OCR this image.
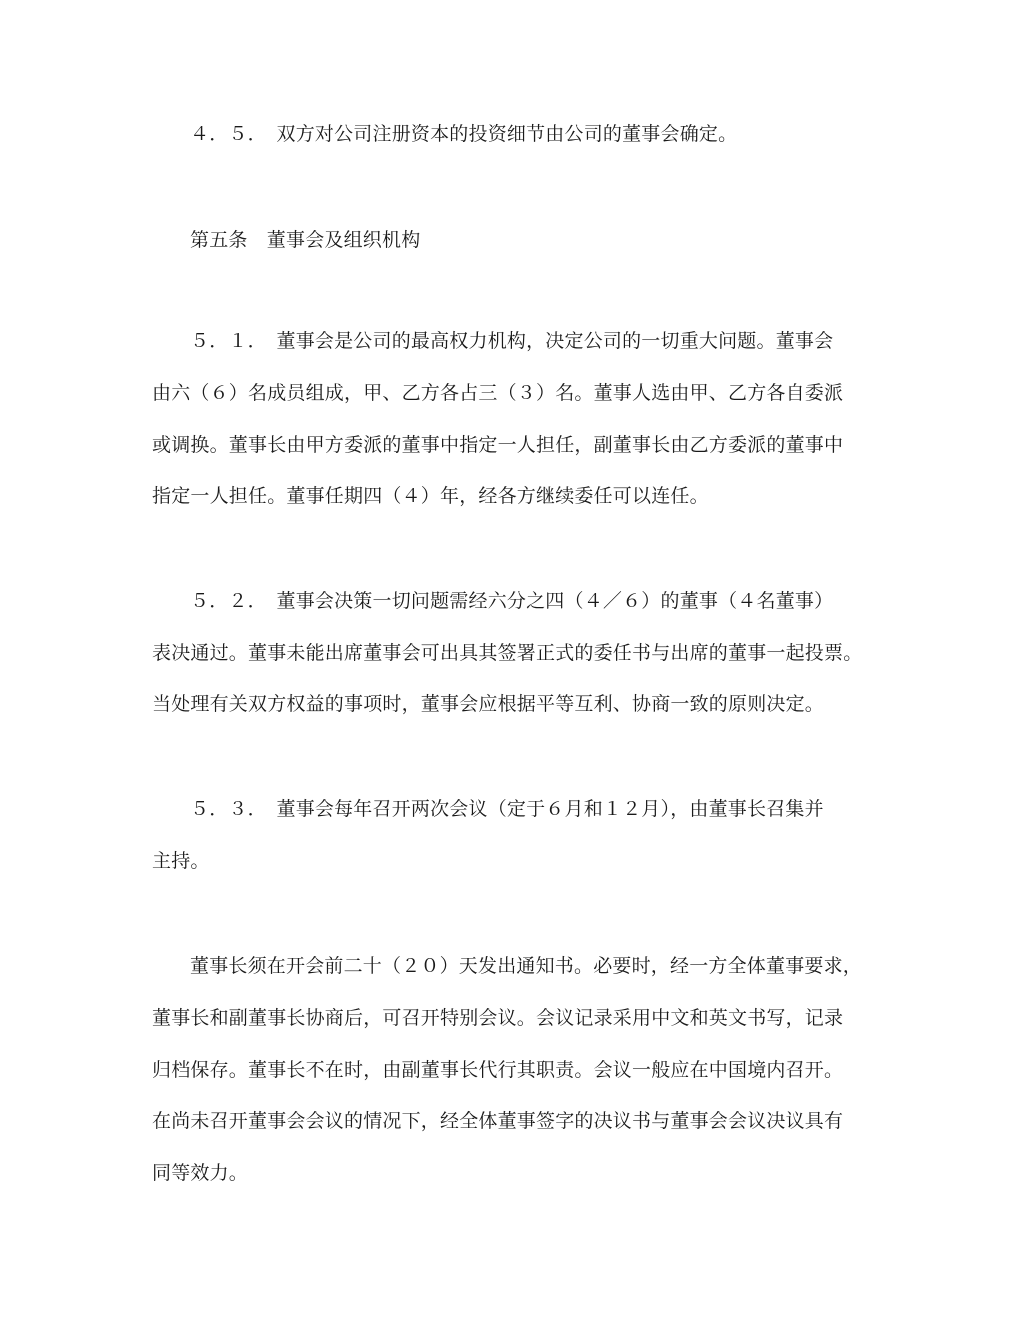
４．５．　双方对公司注册资本的投资细节由公司的董事会确定。
第五条　董事会及组织机构
５．１．　董事会是公司的最高权力机构，决定公司的一切重大问题。董事会
由六（６）名成员组成，甲、乙方各占三（３）名。董事人选由甲、乙方各自委派
或调换。董事长由甲方委派的董事中指定一人担任，副董事长由乙方委派的董事中
指定一人担任。董事任期四（４）年，经各方继续委任可以连任。
５．２．　董事会决策一切问题需经六分之四（４／６）的董事（４名董事）
表决通过。董事未能出席董事会可出具其签署正式的委任书与出席的董事一起投票。
当处理有关双方权益的事项时，董事会应根据平等互利、协商一致的原则决定。
５．３．　董事会每年召开两次会议（定于６月和１２月），由董事长召集并
主持。
董事长须在开会前二十（２０）天发出通知书。必要时，经一方全体董事要求，
董事长和副董事长协商后，可召开特别会议。会议记录采用中文和英文书写，记录
归档保存。董事长不在时，由副董事长代行其职责。会议一般应在中国境内召开。
在尚未召开董事会会议的情况下，经全体董事签字的决议书与董事会会议决议具有
同等效力。
